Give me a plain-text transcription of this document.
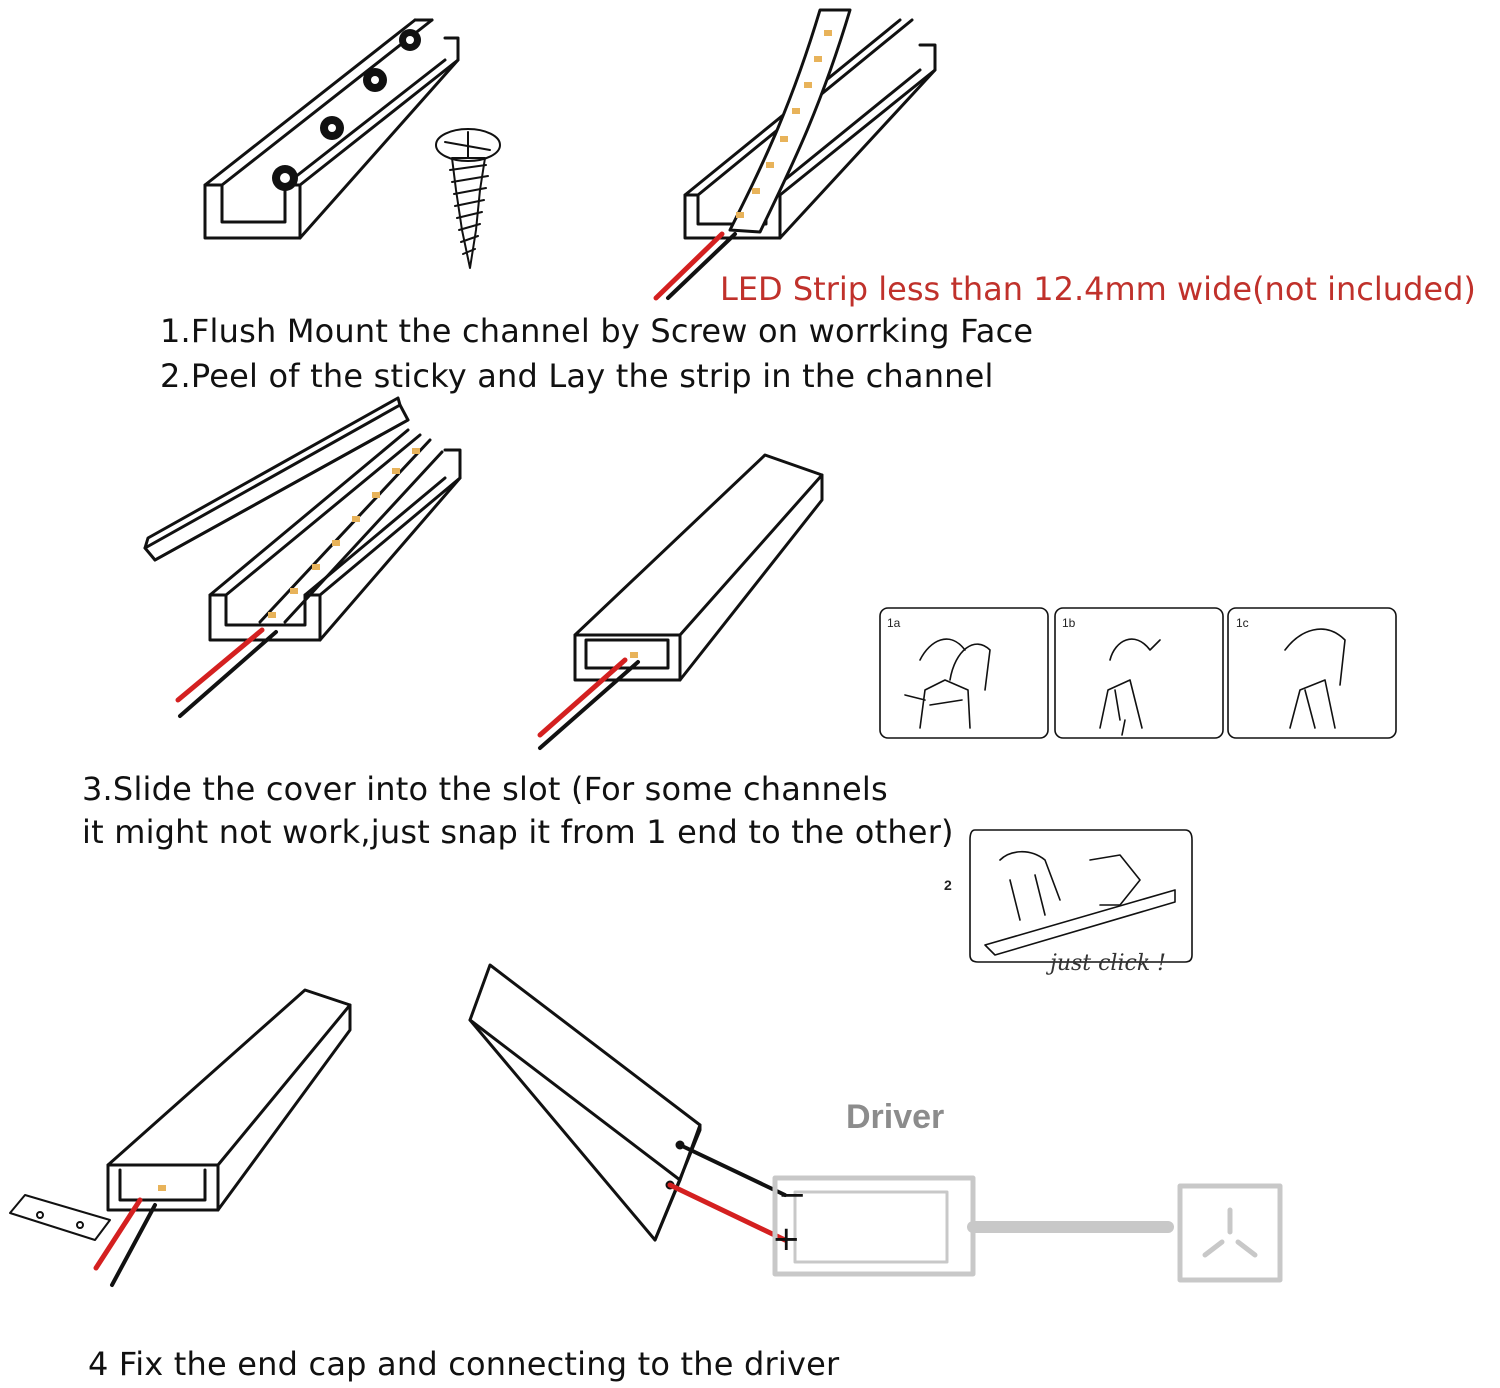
1a	1b	1c
2
just click !
−
+
LED Strip less than 12.4mm wide(not included)
1.Flush Mount the channel by Screw on worrking Face
2.Peel of the sticky and Lay the strip in the channel
3.Slide the cover into the slot (For some channels
it might not work,just snap it from 1 end to the other)
Driver
4 Fix the end cap and connecting to the driver
